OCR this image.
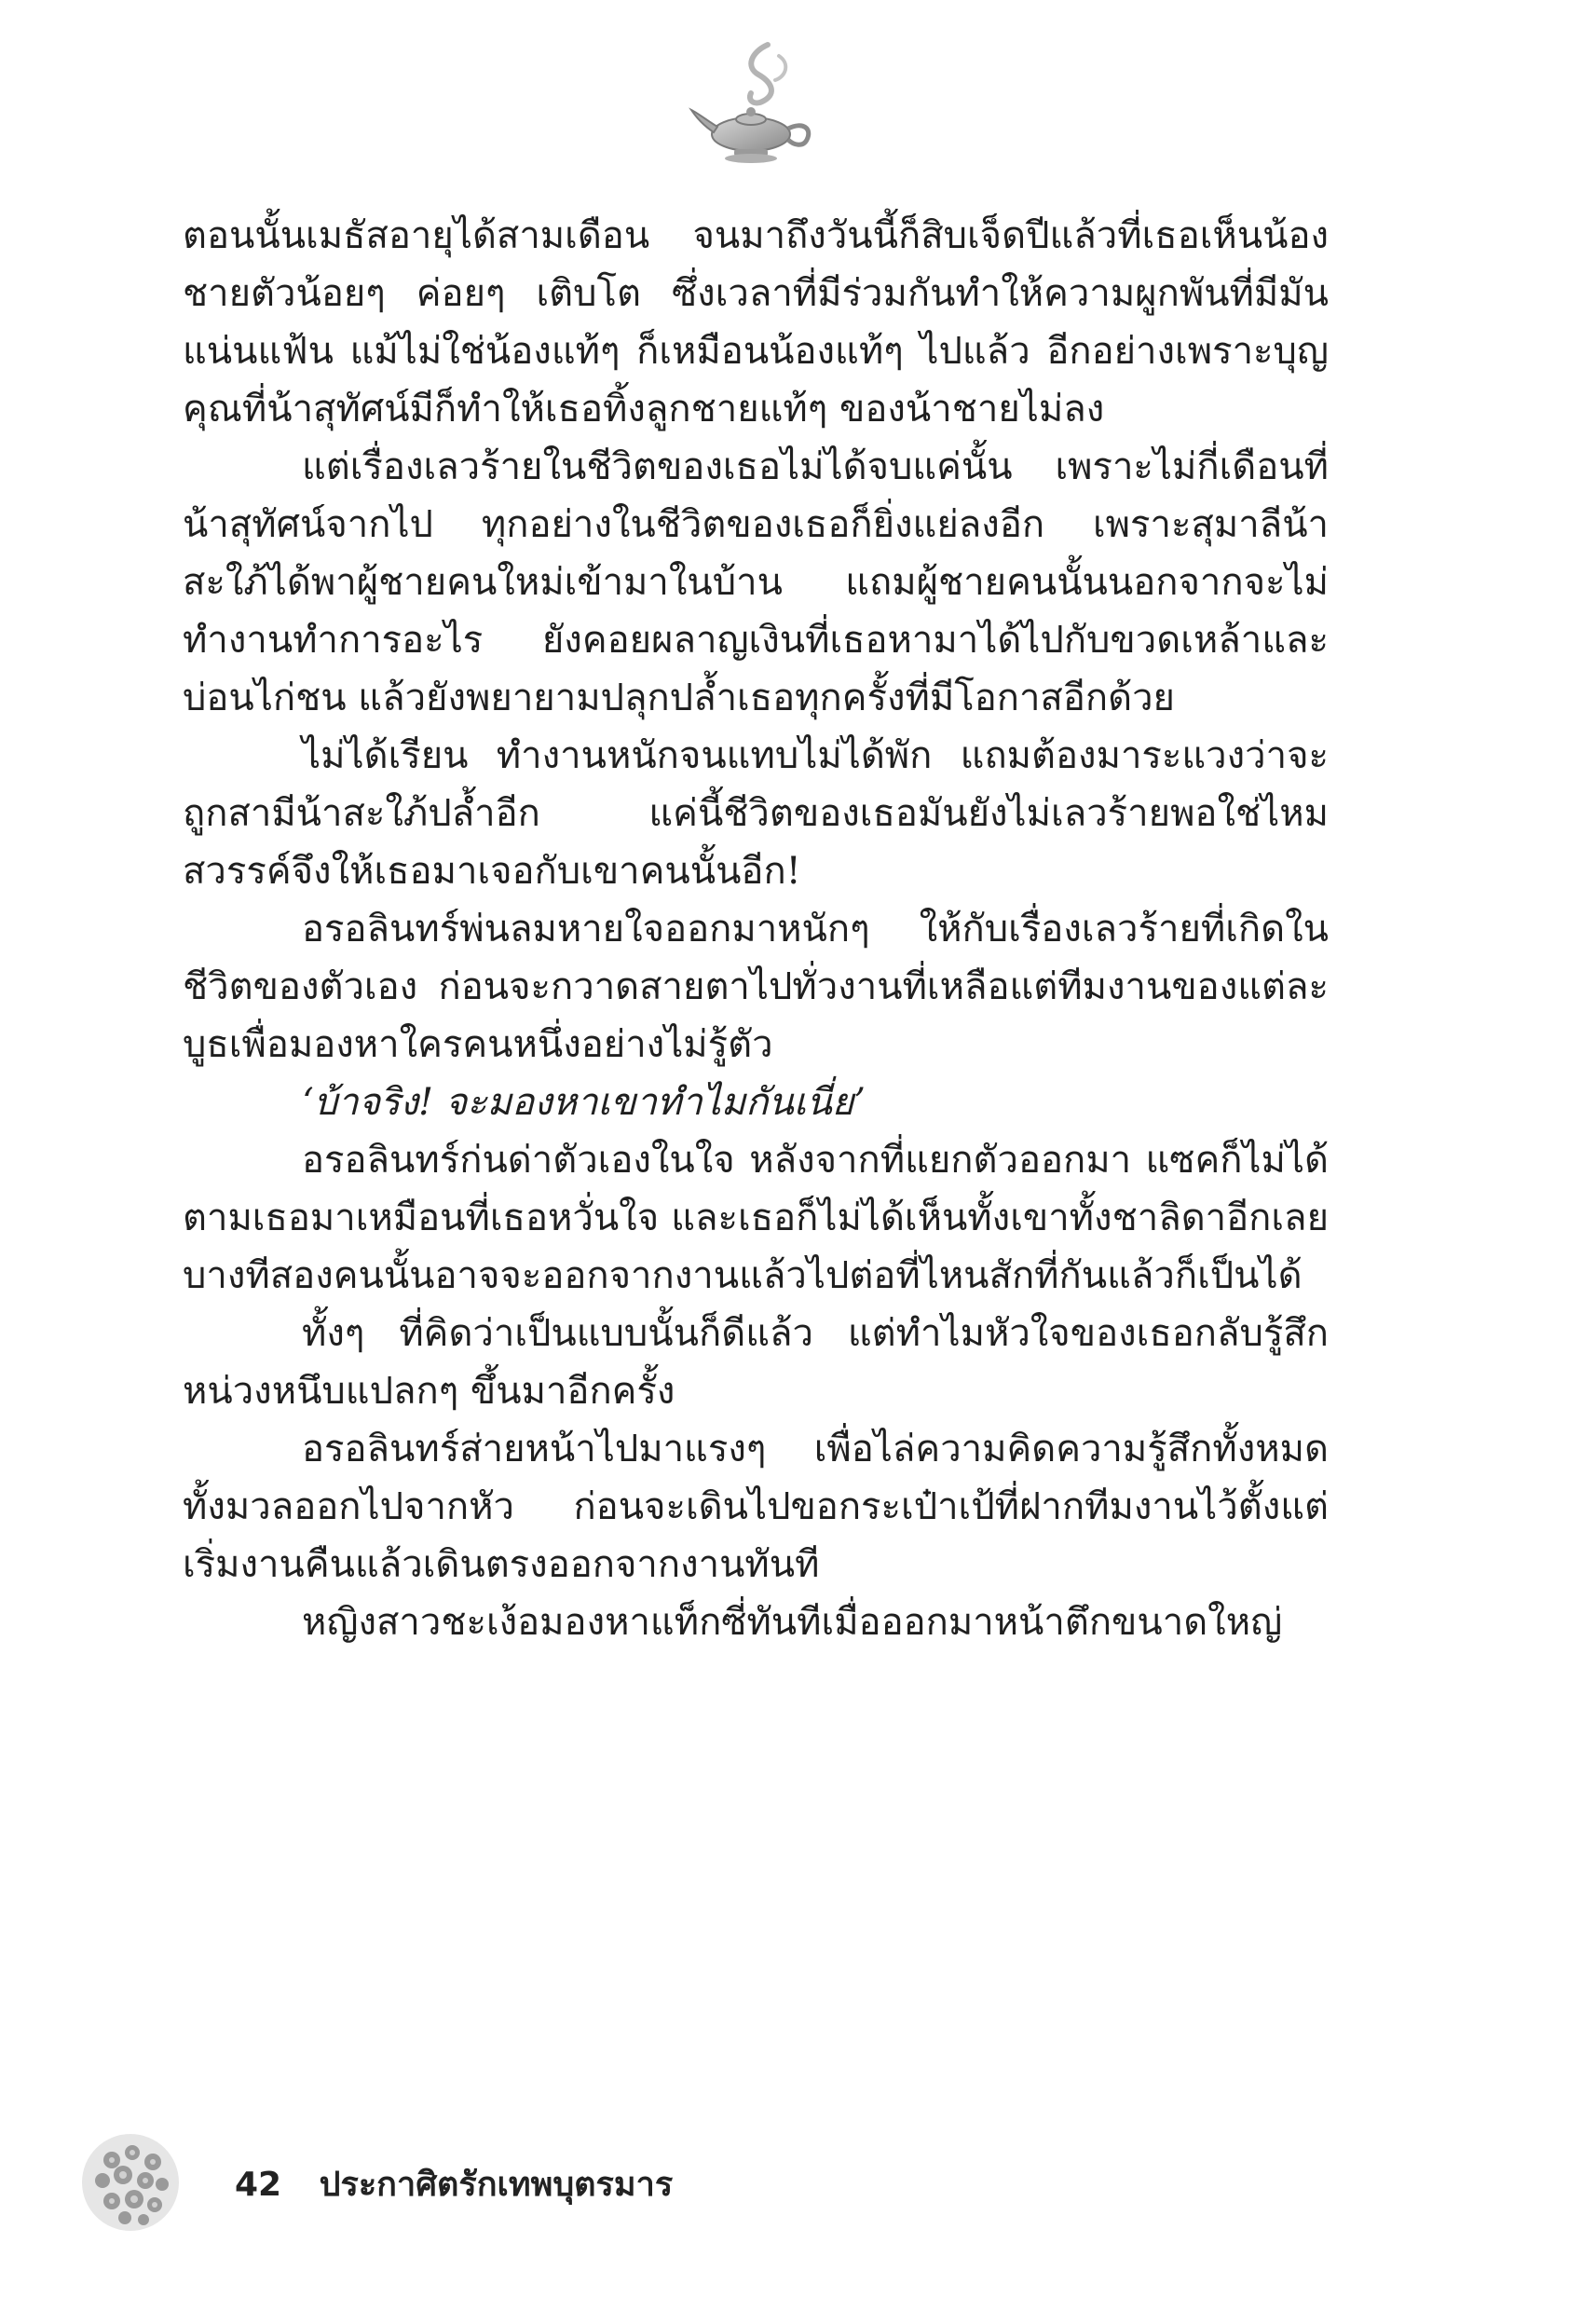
ตอนนั้นเมธัสอายุได้สามเดือน จนมาถึงวันนี้ก็สิบเจ็ดปีแล้วที่เธอเห็นน้องชายตัวน้อยๆ ค่อยๆ เติบโต ซึ่งเวลาที่มีร่วมกันทำให้ความผูกพันที่มีมันแน่นแฟ้น แม้ไม่ใช่น้องแท้ๆ ก็เหมือนน้องแท้ๆ ไปแล้ว อีกอย่างเพราะบุญคุณที่น้าสุทัศน์มีก็ทำให้เธอทิ้งลูกชายแท้ๆ ของน้าชายไม่ลง

แต่เรื่องเลวร้ายในชีวิตของเธอไม่ได้จบแค่นั้น เพราะไม่กี่เดือนที่น้าสุทัศน์จากไป ทุกอย่างในชีวิตของเธอก็ยิ่งแย่ลงอีก เพราะสุมาลีน้าสะใภ้ได้พาผู้ชายคนใหม่เข้ามาในบ้าน แถมผู้ชายคนนั้นนอกจากจะไม่ทำงานทำการอะไร ยังคอยผลาญเงินที่เธอหามาได้ไปกับขวดเหล้าและบ่อนไก่ชน แล้วยังพยายามปลุกปล้ำเธอทุกครั้งที่มีโอกาสอีกด้วย

ไม่ได้เรียน ทำงานหนักจนแทบไม่ได้พัก แถมต้องมาระแวงว่าจะถูกสามีน้าสะใภ้ปล้ำอีก แค่นี้ชีวิตของเธอมันยังไม่เลวร้ายพอใช่ไหมสวรรค์จึงให้เธอมาเจอกับเขาคนนั้นอีก!

อรอลินทร์พ่นลมหายใจออกมาหนักๆ ให้กับเรื่องเลวร้ายที่เกิดในชีวิตของตัวเอง ก่อนจะกวาดสายตาไปทั่วงานที่เหลือแต่ทีมงานของแต่ละบูธเพื่อมองหาใครคนหนึ่งอย่างไม่รู้ตัว

‘บ้าจริง! จะมองหาเขาทำไมกันเนี่ย’

อรอลินทร์ก่นด่าตัวเองในใจ หลังจากที่แยกตัวออกมา แซคก็ไม่ได้ตามเธอมาเหมือนที่เธอหวั่นใจ และเธอก็ไม่ได้เห็นทั้งเขาทั้งชาลิดาอีกเลย บางทีสองคนนั้นอาจจะออกจากงานแล้วไปต่อที่ไหนสักที่กันแล้วก็เป็นได้

ทั้งๆ ที่คิดว่าเป็นแบบนั้นก็ดีแล้ว แต่ทำไมหัวใจของเธอกลับรู้สึกหน่วงหนึบแปลกๆ ขึ้นมาอีกครั้ง

อรอลินทร์ส่ายหน้าไปมาแรงๆ เพื่อไล่ความคิดความรู้สึกทั้งหมดทั้งมวลออกไปจากหัว ก่อนจะเดินไปขอกระเป๋าเป้ที่ฝากทีมงานไว้ตั้งแต่เริ่มงานคืนแล้วเดินตรงออกจากงานทันที

หญิงสาวชะเง้อมองหาแท็กซี่ทันทีเมื่อออกมาหน้าตึกขนาดใหญ่

42 ประกาศิตรักเทพบุตรมาร
